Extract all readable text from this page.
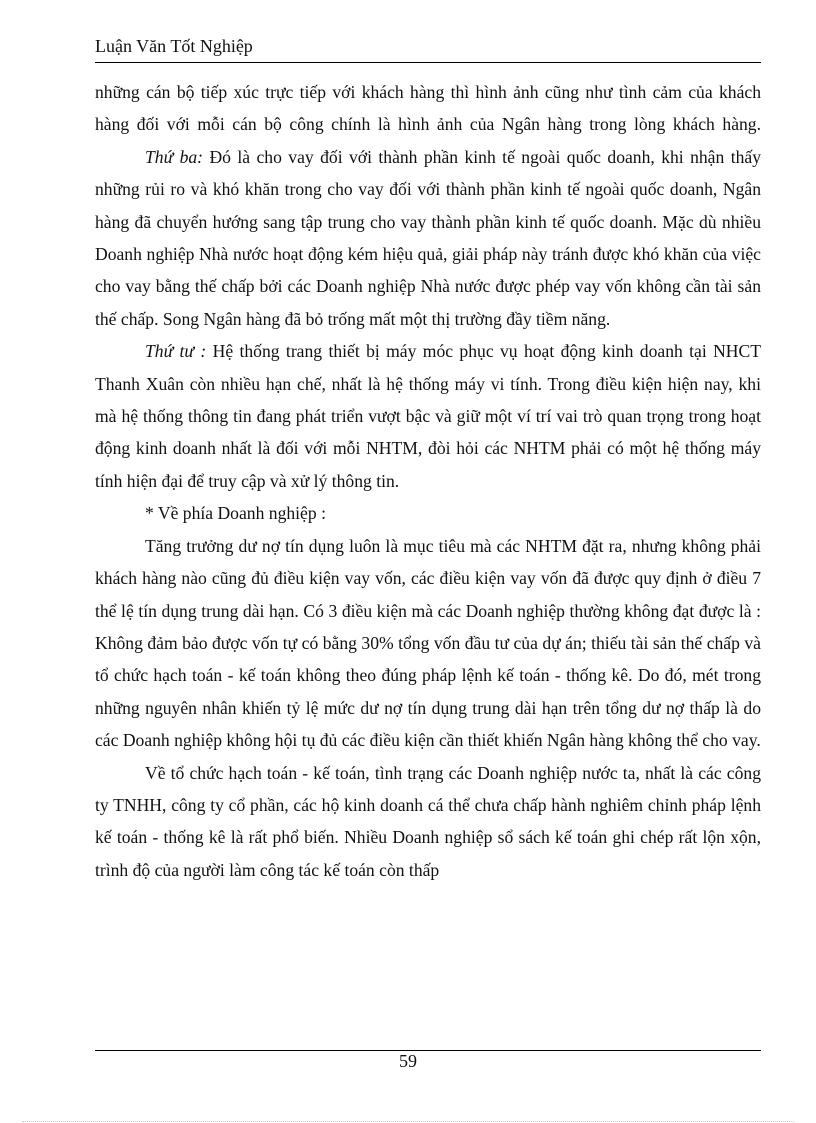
Luận Văn Tốt Nghiệp

những cán bộ tiếp xúc trực tiếp với khách hàng thì hình ảnh cũng như tình cảm của khách hàng đối với mỗi cán bộ công chính là hình ảnh của Ngân hàng trong lòng khách hàng.

Thứ ba: Đó là cho vay đối với thành phần kinh tế ngoài quốc doanh, khi nhận thấy những rủi ro và khó khăn trong cho vay đối với thành phần kinh tế ngoài quốc doanh, Ngân hàng đã chuyển hướng sang tập trung cho vay thành phần kinh tế quốc doanh. Mặc dù nhiều Doanh nghiệp Nhà nước hoạt động kém hiệu quả, giải pháp này tránh được khó khăn của việc cho vay bằng thế chấp bởi các Doanh nghiệp Nhà nước được phép vay vốn không cần tài sản thế chấp. Song Ngân hàng đã bỏ trống mất một thị trường đầy tiềm năng.

Thứ tư : Hệ thống trang thiết bị máy móc phục vụ hoạt động kinh doanh tại NHCT Thanh Xuân còn nhiều hạn chế, nhất là hệ thống máy vi tính. Trong điều kiện hiện nay, khi mà hệ thống thông tin đang phát triển vượt bậc và giữ một ví trí vai trò quan trọng trong hoạt động kinh doanh nhất là đối với mỗi NHTM, đòi hỏi các NHTM phải có một hệ thống máy tính hiện đại để truy cập và xử lý thông tin.

* Về phía Doanh nghiệp :

Tăng trưởng dư nợ tín dụng luôn là mục tiêu mà các NHTM đặt ra, nhưng không phải khách hàng nào cũng đủ điều kiện vay vốn, các điều kiện vay vốn đã được quy định ở điều 7 thể lệ tín dụng trung dài hạn. Có 3 điều kiện mà các Doanh nghiệp thường không đạt được là : Không đảm bảo được vốn tự có bằng 30% tổng vốn đầu tư của dự án; thiếu tài sản thế chấp và tổ chức hạch toán - kế toán không theo đúng pháp lệnh kế toán - thống kê. Do đó, mét trong những nguyên nhân khiến tỷ lệ mức dư nợ tín dụng trung dài hạn trên tổng dư nợ thấp là do các Doanh nghiệp không hội tụ đủ các điều kiện cần thiết khiến Ngân hàng không thể cho vay.

Về tổ chức hạch toán - kế toán, tình trạng các Doanh nghiệp nước ta, nhất là các công ty TNHH, công ty cổ phần, các hộ kinh doanh cá thể chưa chấp hành nghiêm chỉnh pháp lệnh kế toán - thống kê là rất phổ biến. Nhiều Doanh nghiệp sổ sách kế toán ghi chép rất lộn xộn, trình độ của người làm công tác kế toán còn thấp

59
